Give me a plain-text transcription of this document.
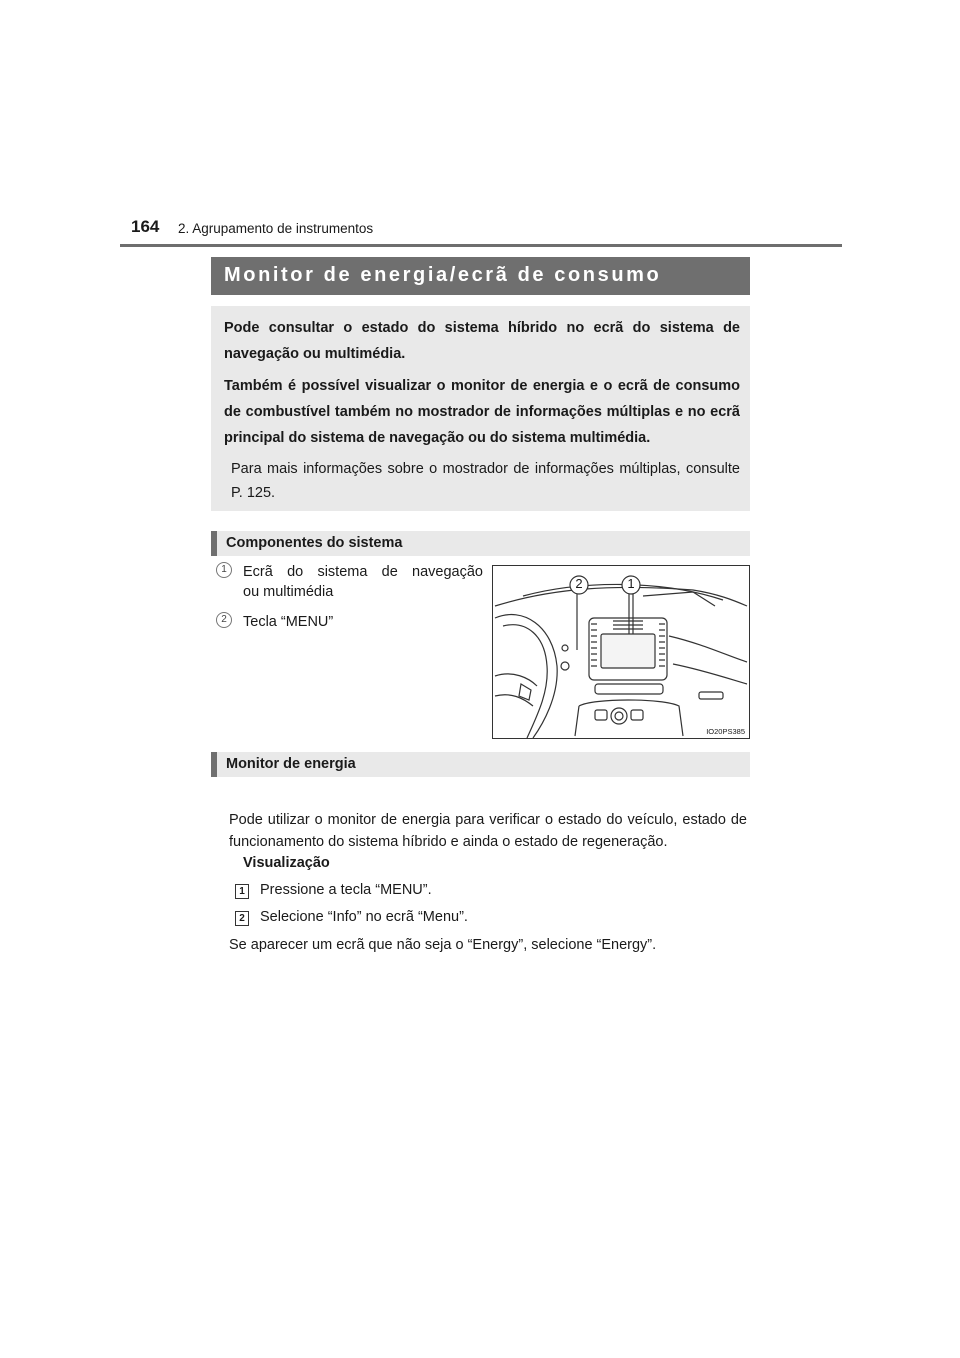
164 2. Agrupamento de instrumentos
Monitor de energia/ecrã de consumo

Pode consultar o estado do sistema híbrido no ecrã do sistema de navegação ou multimédia.

Também é possível visualizar o monitor de energia e o ecrã de consumo de combustível também no mostrador de informações múltiplas e no ecrã principal do sistema de navegação ou do sistema multimédia.

Para mais informações sobre o mostrador de informações múltiplas, consulte P. 125.

Componentes do sistema
1	Ecrã do sistema de navegação
ou multimédia
2	Tecla “MENU”
2	1
IO20PS385
Monitor de energia
Pode utilizar o monitor de energia para verificar o estado do veículo, estado de funcionamento do sistema híbrido e ainda o estado de regeneração.
Visualização
1 Pressione a tecla “MENU”.
2 Selecione “Info” no ecrã “Menu”.
Se aparecer um ecrã que não seja o “Energy”, selecione “Energy”.
